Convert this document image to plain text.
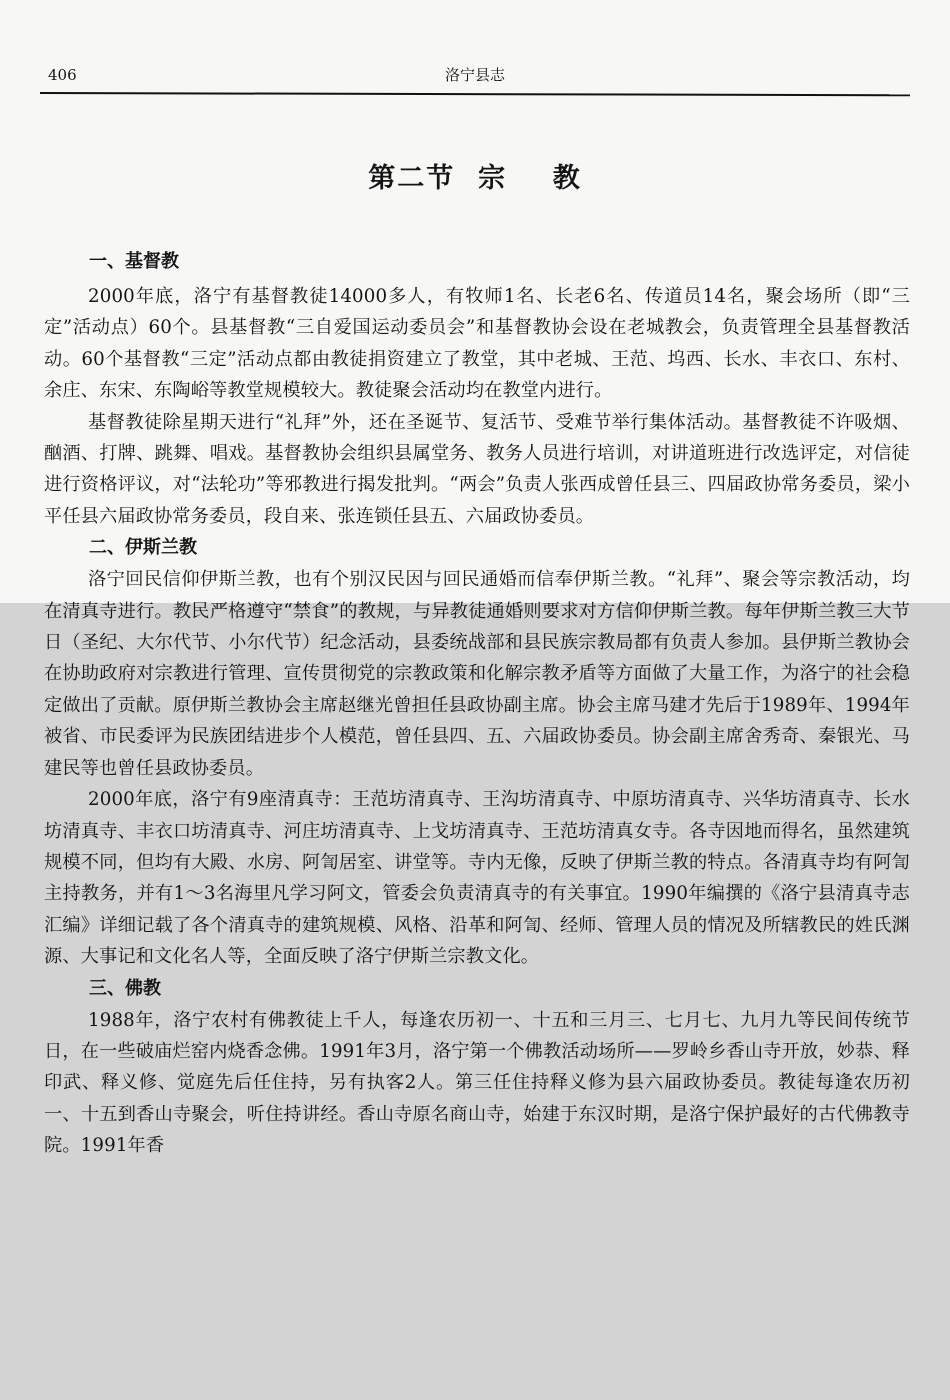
406	洛宁县志
第二节  宗    教
一、基督教

2000年底，洛宁有基督教徒14000多人，有牧师1名、长老6名、传道员14名，聚会场所（即“三定”活动点）60个。县基督教“三自爱国运动委员会”和基督教协会设在老城教会，负责管理全县基督教活动。60个基督教“三定”活动点都由教徒捐资建立了教堂，其中老城、王范、坞西、长水、丰衣口、东村、余庄、东宋、东陶峪等教堂规模较大。教徒聚会活动均在教堂内进行。

基督教徒除星期天进行“礼拜”外，还在圣诞节、复活节、受难节举行集体活动。基督教徒不许吸烟、酗酒、打牌、跳舞、唱戏。基督教协会组织县属堂务、教务人员进行培训，对讲道班进行改选评定，对信徒进行资格评议，对“法轮功”等邪教进行揭发批判。“两会”负责人张西成曾任县三、四届政协常务委员，梁小平任县六届政协常务委员，段自来、张连锁任县五、六届政协委员。

二、伊斯兰教

洛宁回民信仰伊斯兰教，也有个别汉民因与回民通婚而信奉伊斯兰教。“礼拜”、聚会等宗教活动，均在清真寺进行。教民严格遵守“禁食”的教规，与异教徒通婚则要求对方信仰伊斯兰教。每年伊斯兰教三大节日（圣纪、大尔代节、小尔代节）纪念活动，县委统战部和县民族宗教局都有负责人参加。县伊斯兰教协会在协助政府对宗教进行管理、宣传贯彻党的宗教政策和化解宗教矛盾等方面做了大量工作，为洛宁的社会稳定做出了贡献。原伊斯兰教协会主席赵继光曾担任县政协副主席。协会主席马建才先后于1989年、1994年被省、市民委评为民族团结进步个人模范，曾任县四、五、六届政协委员。协会副主席舍秀奇、秦银光、马建民等也曾任县政协委员。

2000年底，洛宁有9座清真寺：王范坊清真寺、王沟坊清真寺、中原坊清真寺、兴华坊清真寺、长水坊清真寺、丰衣口坊清真寺、河庄坊清真寺、上戈坊清真寺、王范坊清真女寺。各寺因地而得名，虽然建筑规模不同，但均有大殿、水房、阿訇居室、讲堂等。寺内无像，反映了伊斯兰教的特点。各清真寺均有阿訇主持教务，并有1～3名海里凡学习阿文，管委会负责清真寺的有关事宜。1990年编撰的《洛宁县清真寺志汇编》详细记载了各个清真寺的建筑规模、风格、沿革和阿訇、经师、管理人员的情况及所辖教民的姓氏渊源、大事记和文化名人等，全面反映了洛宁伊斯兰宗教文化。

三、佛教

1988年，洛宁农村有佛教徒上千人，每逢农历初一、十五和三月三、七月七、九月九等民间传统节日，在一些破庙烂窑内烧香念佛。1991年3月，洛宁第一个佛教活动场所——罗岭乡香山寺开放，妙恭、释印武、释义修、觉庭先后任住持，另有执客2人。第三任住持释义修为县六届政协委员。教徒每逢农历初一、十五到香山寺聚会，听住持讲经。香山寺原名商山寺，始建于东汉时期，是洛宁保护最好的古代佛教寺院。1991年香
